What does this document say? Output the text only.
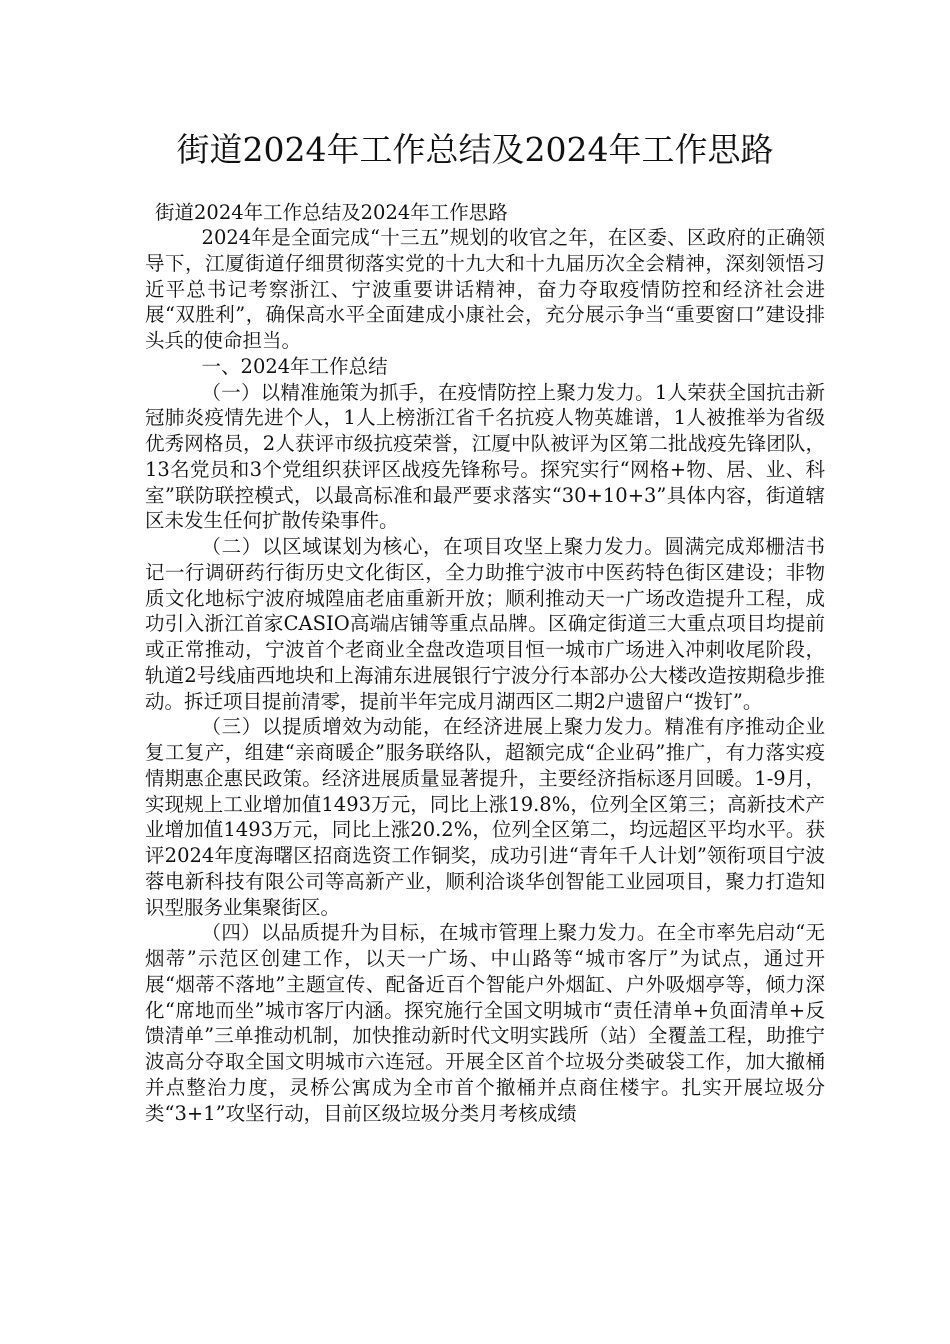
街道2024年工作总结及2024年工作思路

街道2024年工作总结及2024年工作思路

2024年是全面完成“十三五”规划的收官之年，在区委、区政府的正确领导下，江厦街道仔细贯彻落实党的十九大和十九届历次全会精神，深刻领悟习近平总书记考察浙江、宁波重要讲话精神，奋力夺取疫情防控和经济社会进展“双胜利”，确保高水平全面建成小康社会，充分展示争当“重要窗口”建设排头兵的使命担当。

一、2024年工作总结

（一）以精准施策为抓手，在疫情防控上聚力发力。1人荣获全国抗击新冠肺炎疫情先进个人，1人上榜浙江省千名抗疫人物英雄谱，1人被推举为省级优秀网格员，2人获评市级抗疫荣誉，江厦中队被评为区第二批战疫先锋团队，13名党员和3个党组织获评区战疫先锋称号。探究实行“网格+物、居、业、科室”联防联控模式，以最高标准和最严要求落实“30+10+3”具体内容，街道辖区未发生任何扩散传染事件。

（二）以区域谋划为核心，在项目攻坚上聚力发力。圆满完成郑栅洁书记一行调研药行街历史文化街区，全力助推宁波市中医药特色街区建设；非物质文化地标宁波府城隍庙老庙重新开放；顺利推动天一广场改造提升工程，成功引入浙江首家CASIO高端店铺等重点品牌。区确定街道三大重点项目均提前或正常推动，宁波首个老商业全盘改造项目恒一城市广场进入冲刺收尾阶段，轨道2号线庙西地块和上海浦东进展银行宁波分行本部办公大楼改造按期稳步推动。拆迁项目提前清零，提前半年完成月湖西区二期2户遗留户“拨钉”。

（三）以提质增效为动能，在经济进展上聚力发力。精准有序推动企业复工复产，组建“亲商暖企”服务联络队，超额完成“企业码”推广，有力落实疫情期惠企惠民政策。经济进展质量显著提升，主要经济指标逐月回暖。1-9月，实现规上工业增加值1493万元，同比上涨19.8%，位列全区第三；高新技术产业增加值1493万元，同比上涨20.2%，位列全区第二，均远超区平均水平。获评2024年度海曙区招商选资工作铜奖，成功引进“青年千人计划”领衔项目宁波蓉电新科技有限公司等高新产业，顺利洽谈华创智能工业园项目，聚力打造知识型服务业集聚街区。

（四）以品质提升为目标，在城市管理上聚力发力。在全市率先启动“无烟蒂”示范区创建工作，以天一广场、中山路等“城市客厅”为试点，通过开展“烟蒂不落地”主题宣传、配备近百个智能户外烟缸、户外吸烟亭等，倾力深化“席地而坐”城市客厅内涵。探究施行全国文明城市“责任清单+负面清单+反馈清单”三单推动机制，加快推动新时代文明实践所（站）全覆盖工程，助推宁波高分夺取全国文明城市六连冠。开展全区首个垃圾分类破袋工作，加大撤桶并点整治力度，灵桥公寓成为全市首个撤桶并点商住楼宇。扎实开展垃圾分类“3+1”攻坚行动，目前区级垃圾分类月考核成绩
